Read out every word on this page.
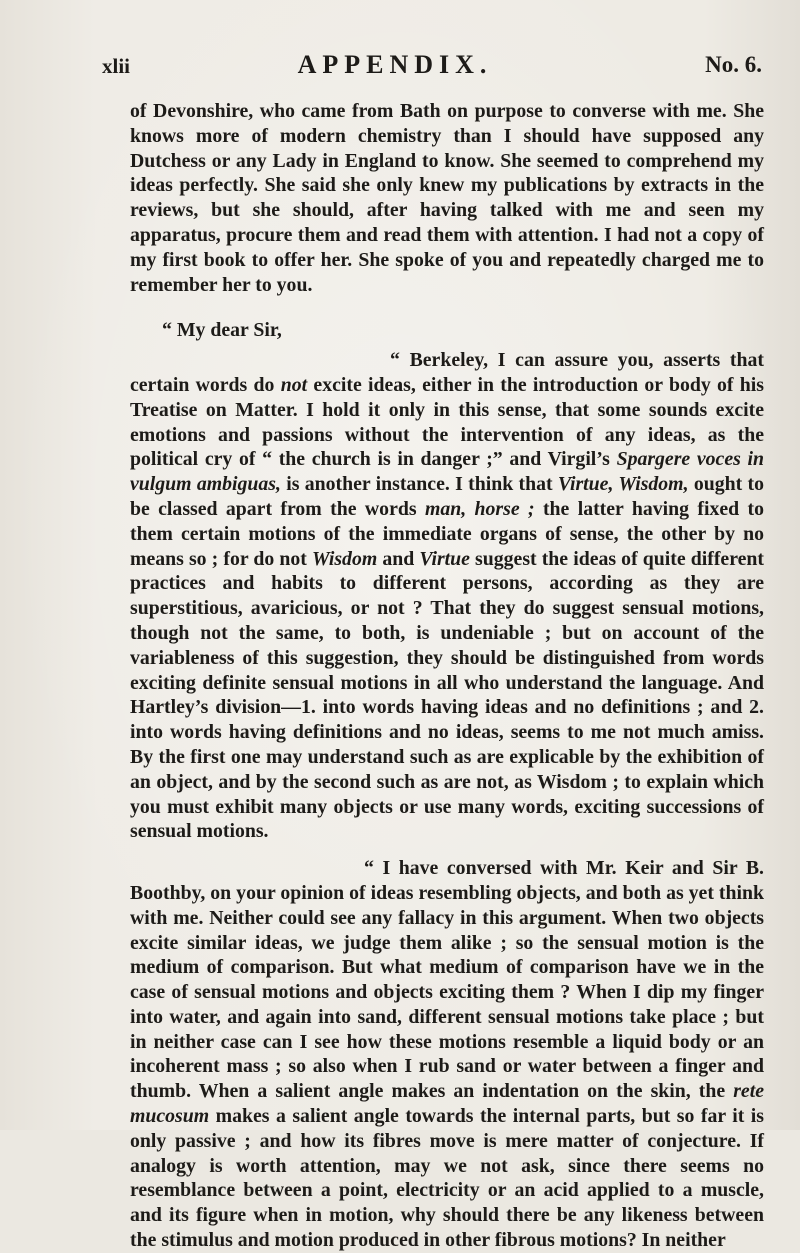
xlii	APPENDIX.	No. 6.

of Devonshire, who came from Bath on purpose to converse with me. She knows more of modern chemistry than I should have supposed any Dutchess or any Lady in England to know. She seemed to comprehend my ideas perfectly. She said she only knew my publications by extracts in the reviews, but she should, after having talked with me and seen my apparatus, procure them and read them with attention. I had not a copy of my first book to offer her. She spoke of you and repeatedly charged me to remember her to you.

“ My dear Sir,

“ Berkeley, I can assure you, asserts that certain words do not excite ideas, either in the introduction or body of his Treatise on Matter. I hold it only in this sense, that some sounds excite emotions and passions without the intervention of any ideas, as the political cry of “ the church is in danger ;” and Virgil’s Spargere voces in vulgum ambiguas, is another instance. I think that Virtue, Wisdom, ought to be classed apart from the words man, horse ; the latter having fixed to them certain motions of the immediate organs of sense, the other by no means so ; for do not Wisdom and Virtue suggest the ideas of quite different practices and habits to different persons, according as they are superstitious, avaricious, or not ? That they do suggest sensual motions, though not the same, to both, is undeniable ; but on account of the variableness of this suggestion, they should be distinguished from words exciting definite sensual motions in all who understand the language. And Hartley’s division—1. into words having ideas and no definitions ; and 2. into words having definitions and no ideas, seems to me not much amiss. By the first one may understand such as are explicable by the exhibition of an object, and by the second such as are not, as Wisdom ; to explain which you must exhibit many objects or use many words, exciting successions of sensual motions.

“ I have conversed with Mr. Keir and Sir B. Boothby, on your opinion of ideas resembling objects, and both as yet think with me. Neither could see any fallacy in this argument. When two objects excite similar ideas, we judge them alike ; so the sensual motion is the medium of comparison. But what medium of comparison have we in the case of sensual motions and objects exciting them ? When I dip my finger into water, and again into sand, different sensual motions take place ; but in neither case can I see how these motions resemble a liquid body or an incoherent mass ; so also when I rub sand or water between a finger and thumb. When a salient angle makes an indentation on the skin, the rete mucosum makes a salient angle towards the internal parts, but so far it is only passive ; and how its fibres move is mere matter of conjecture. If analogy is worth attention, may we not ask, since there seems no resemblance between a point, electricity or an acid applied to a muscle, and its figure when in motion, why should there be any likeness between the stimulus and motion produced in other fibrous motions? In neither
